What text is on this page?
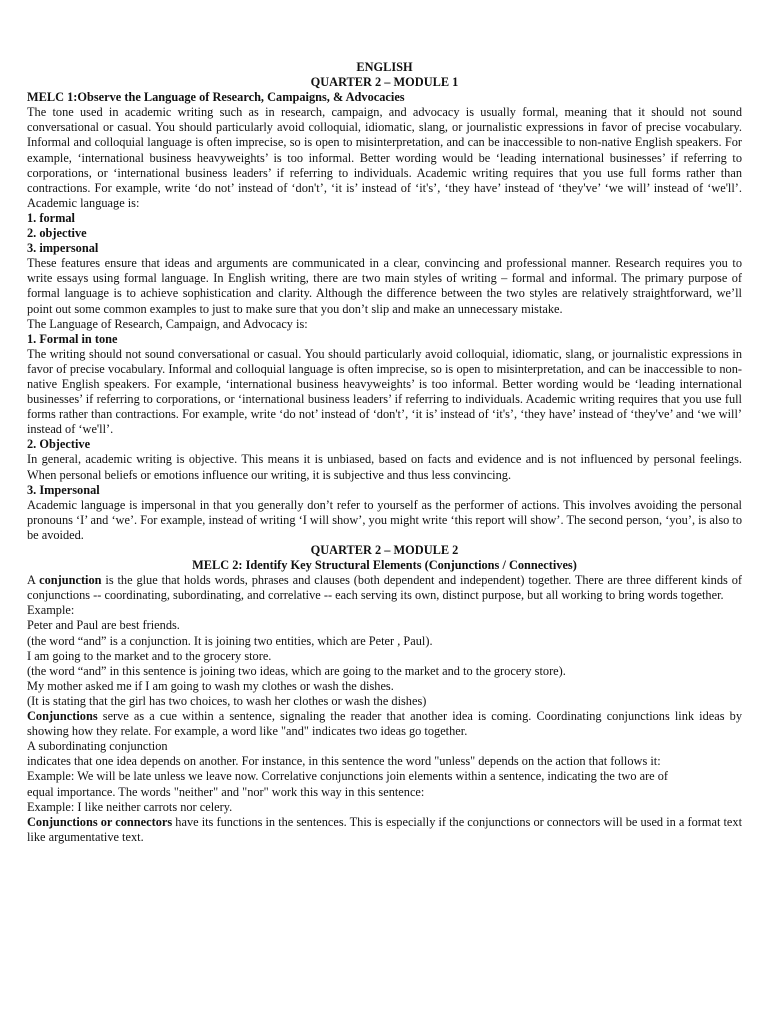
ENGLISH

QUARTER 2 – MODULE 1

MELC 1:Observe the Language of Research, Campaigns, & Advocacies

The tone used in academic writing such as in research, campaign, and advocacy is usually formal, meaning that it should not sound conversational or casual. You should particularly avoid colloquial, idiomatic, slang, or journalistic expressions in favor of precise vocabulary. Informal and colloquial language is often imprecise, so is open to misinterpretation, and can be inaccessible to non-native English speakers. For example, ‘international business heavyweights’ is too informal. Better wording would be ‘leading international businesses’ if referring to corporations, or ‘international business leaders’ if referring to individuals. Academic writing requires that you use full forms rather than contractions. For example, write ‘do not’ instead of ‘don't’, ‘it is’ instead of ‘it's’, ‘they have’ instead of ‘they've’ ‘we will’ instead of ‘we'll’. Academic language is:

1. formal

2. objective

3. impersonal

These features ensure that ideas and arguments are communicated in a clear, convincing and professional manner. Research requires you to write essays using formal language. In English writing, there are two main styles of writing – formal and informal. The primary purpose of formal language is to achieve sophistication and clarity. Although the difference between the two styles are relatively straightforward, we’ll point out some common examples to just to make sure that you don’t slip and make an unnecessary mistake.

The Language of Research, Campaign, and Advocacy is:

1. Formal in tone

The writing should not sound conversational or casual. You should particularly avoid colloquial, idiomatic, slang, or journalistic expressions in favor of precise vocabulary. Informal and colloquial language is often imprecise, so is open to misinterpretation, and can be inaccessible to non-native English speakers. For example, ‘international business heavyweights’ is too informal. Better wording would be ‘leading international businesses’ if referring to corporations, or ‘international business leaders’ if referring to individuals. Academic writing requires that you use full forms rather than contractions. For example, write ‘do not’ instead of ‘don't’, ‘it is’ instead of ‘it's’, ‘they have’ instead of ‘they've’ and ‘we will’ instead of ‘we'll’.

2. Objective

In general, academic writing is objective. This means it is unbiased, based on facts and evidence and is not influenced by personal feelings. When personal beliefs or emotions influence our writing, it is subjective and thus less convincing.

3. Impersonal

Academic language is impersonal in that you generally don’t refer to yourself as the performer of actions. This involves avoiding the personal pronouns ‘I’ and ‘we’. For example, instead of writing ‘I will show’, you might write ‘this report will show’. The second person, ‘you’, is also to be avoided.

QUARTER 2 – MODULE 2

MELC 2: Identify Key Structural Elements (Conjunctions / Connectives)

A conjunction is the glue that holds words, phrases and clauses (both dependent and independent) together. There are three different kinds of conjunctions -- coordinating, subordinating, and correlative -- each serving its own, distinct purpose, but all working to bring words together.

Example:

Peter and Paul are best friends.

(the word “and” is a conjunction. It is joining two entities, which are Peter , Paul).

I am going to the market and to the grocery store.

(the word “and” in this sentence is joining two ideas, which are going to the market and to the grocery store).

My mother asked me if I am going to wash my clothes or wash the dishes.

(It is stating that the girl has two choices, to wash her clothes or wash the dishes)

Conjunctions serve as a cue within a sentence, signaling the reader that another idea is coming. Coordinating conjunctions link ideas by showing how they relate. For example, a word like "and" indicates two ideas go together.

A subordinating conjunction

indicates that one idea depends on another. For instance, in this sentence the word "unless" depends on the action that follows it:

Example: We will be late unless we leave now. Correlative conjunctions join elements within a sentence, indicating the two are of

equal importance. The words "neither" and "nor" work this way in this sentence:

Example: I like neither carrots nor celery.

Conjunctions or connectors have its functions in the sentences. This is especially if the conjunctions or connectors will be used in a format text like argumentative text.
